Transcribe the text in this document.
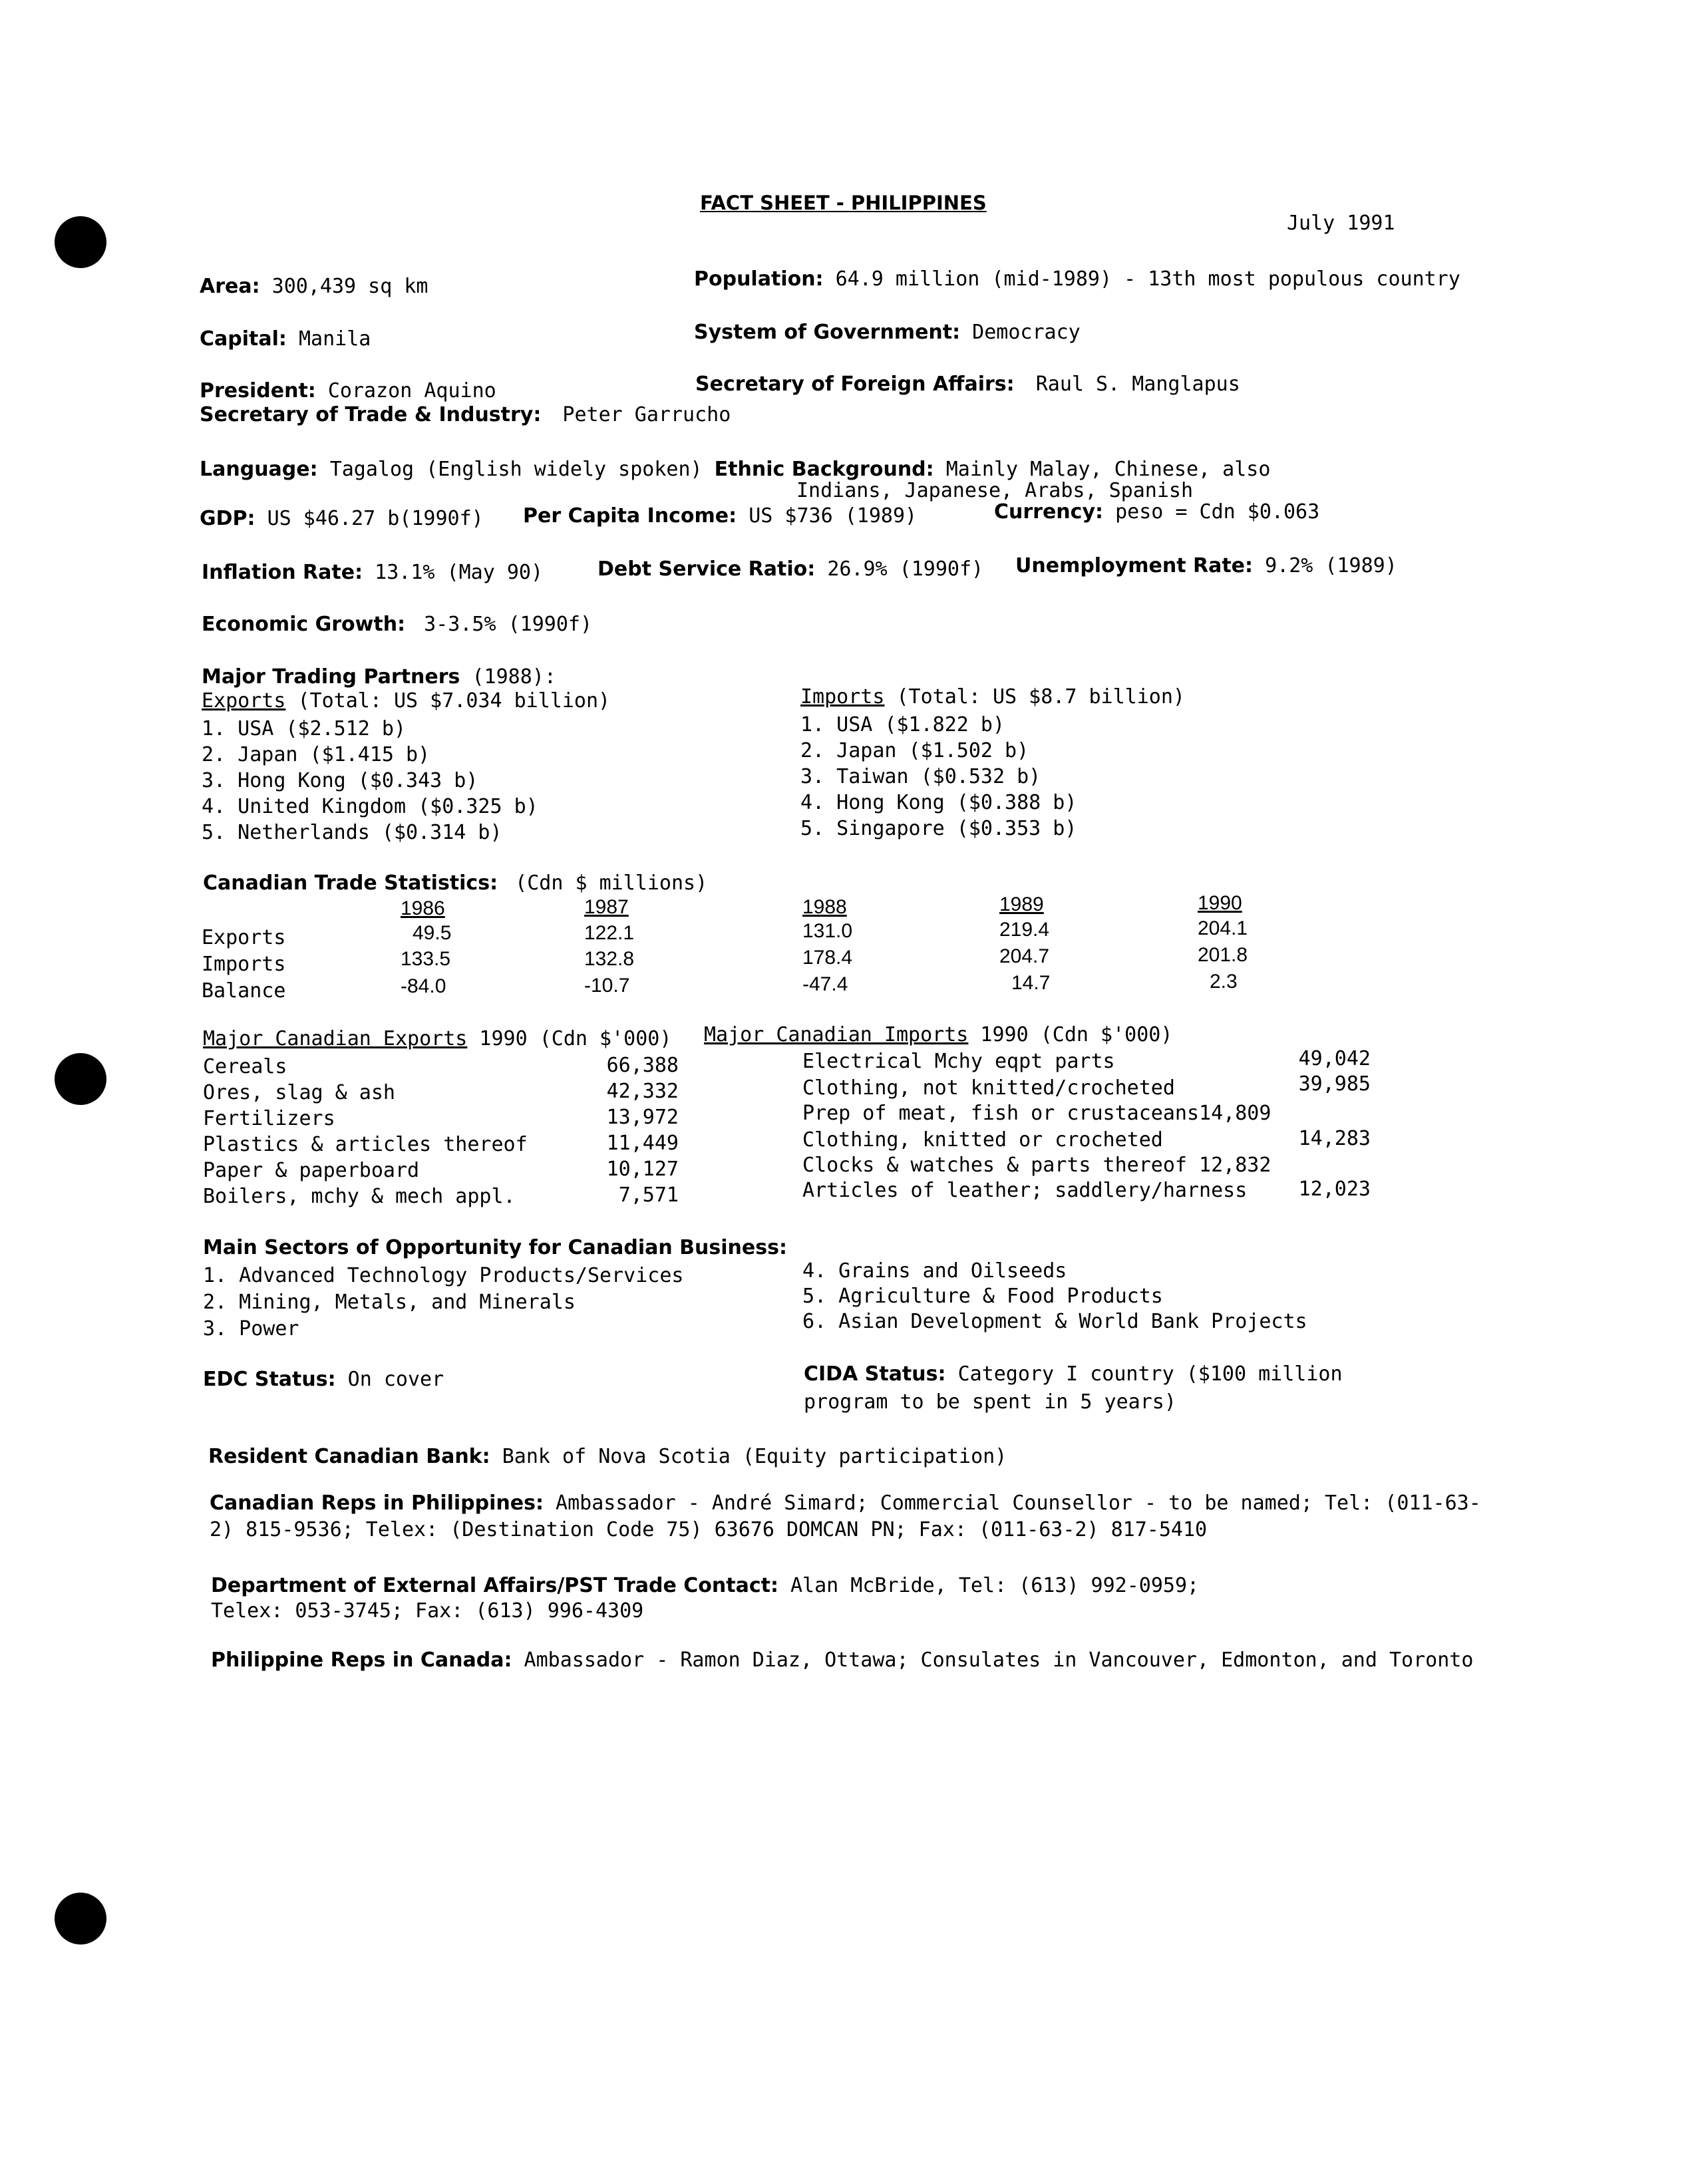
FACT SHEET - PHILIPPINES
July 1991
Area: 300,439 sq km	Population: 64.9 million (mid-1989) - 13th most populous country
Capital: Manila	System of Government: Democracy
President: Corazon Aquino	Secretary of Foreign Affairs: Raul S. Manglapus
Secretary of Trade & Industry: Peter Garrucho
Language: Tagalog (English widely spoken) Ethnic Background: Mainly Malay, Chinese, also
Indians, Japanese, Arabs, Spanish
GDP: US $46.27 b(1990f) Per Capita Income: US $736 (1989)	Currency: peso = Cdn $0.063
Inflation Rate: 13.1% (May 90)	Debt Service Ratio: 26.9% (1990f) Unemployment Rate: 9.2% (1989)
Economic Growth: 3-3.5% (1990f)
Major Trading Partners (1988):
Exports (Total: US $7.034 billion)
1. USA ($2.512 b)
2. Japan ($1.415 b)
3. Hong Kong ($0.343 b)
4. United Kingdom ($0.325 b)
5. Netherlands ($0.314 b)
Imports (Total: US $8.7 billion)
1. USA ($1.822 b)
2. Japan ($1.502 b)
3. Taiwan ($0.532 b)
4. Hong Kong ($0.388 b)
5. Singapore ($0.353 b)
Canadian Trade Statistics: (Cdn $ millions)
1986	1987	1988	1989	1990
Exports	49.5	122.1	131.0	219.4	204.1
Imports	133.5	132.8	178.4	204.7	201.8
Balance	-84.0	-10.7	-47.4	14.7	2.3
Major Canadian Exports 1990 (Cdn $'000)
Cereals	66,388
Ores, slag & ash	42,332
Fertilizers	13,972
Plastics & articles thereof	11,449
Paper & paperboard	10,127
Boilers, mchy & mech appl.	7,571
Major Canadian Imports 1990 (Cdn $'000)
Electrical Mchy eqpt parts	49,042
Clothing, not knitted/crocheted	39,985
Prep of meat, fish or crustaceans14,809
Clothing, knitted or crocheted	14,283
Clocks & watches & parts thereof 12,832
Articles of leather; saddlery/harness	12,023
Main Sectors of Opportunity for Canadian Business:
1. Advanced Technology Products/Services
2. Mining, Metals, and Minerals
3. Power
4. Grains and Oilseeds
5. Agriculture & Food Products
6. Asian Development & World Bank Projects
EDC Status: On cover	CIDA Status: Category I country ($100 million
program to be spent in 5 years)
Resident Canadian Bank: Bank of Nova Scotia (Equity participation)
Canadian Reps in Philippines: Ambassador - André Simard; Commercial Counsellor - to be named; Tel: (011-63-
2) 815-9536; Telex: (Destination Code 75) 63676 DOMCAN PN; Fax: (011-63-2) 817-5410
Department of External Affairs/PST Trade Contact: Alan McBride, Tel: (613) 992-0959;
Telex: 053-3745; Fax: (613) 996-4309
Philippine Reps in Canada: Ambassador - Ramon Diaz, Ottawa; Consulates in Vancouver, Edmonton, and Toronto
